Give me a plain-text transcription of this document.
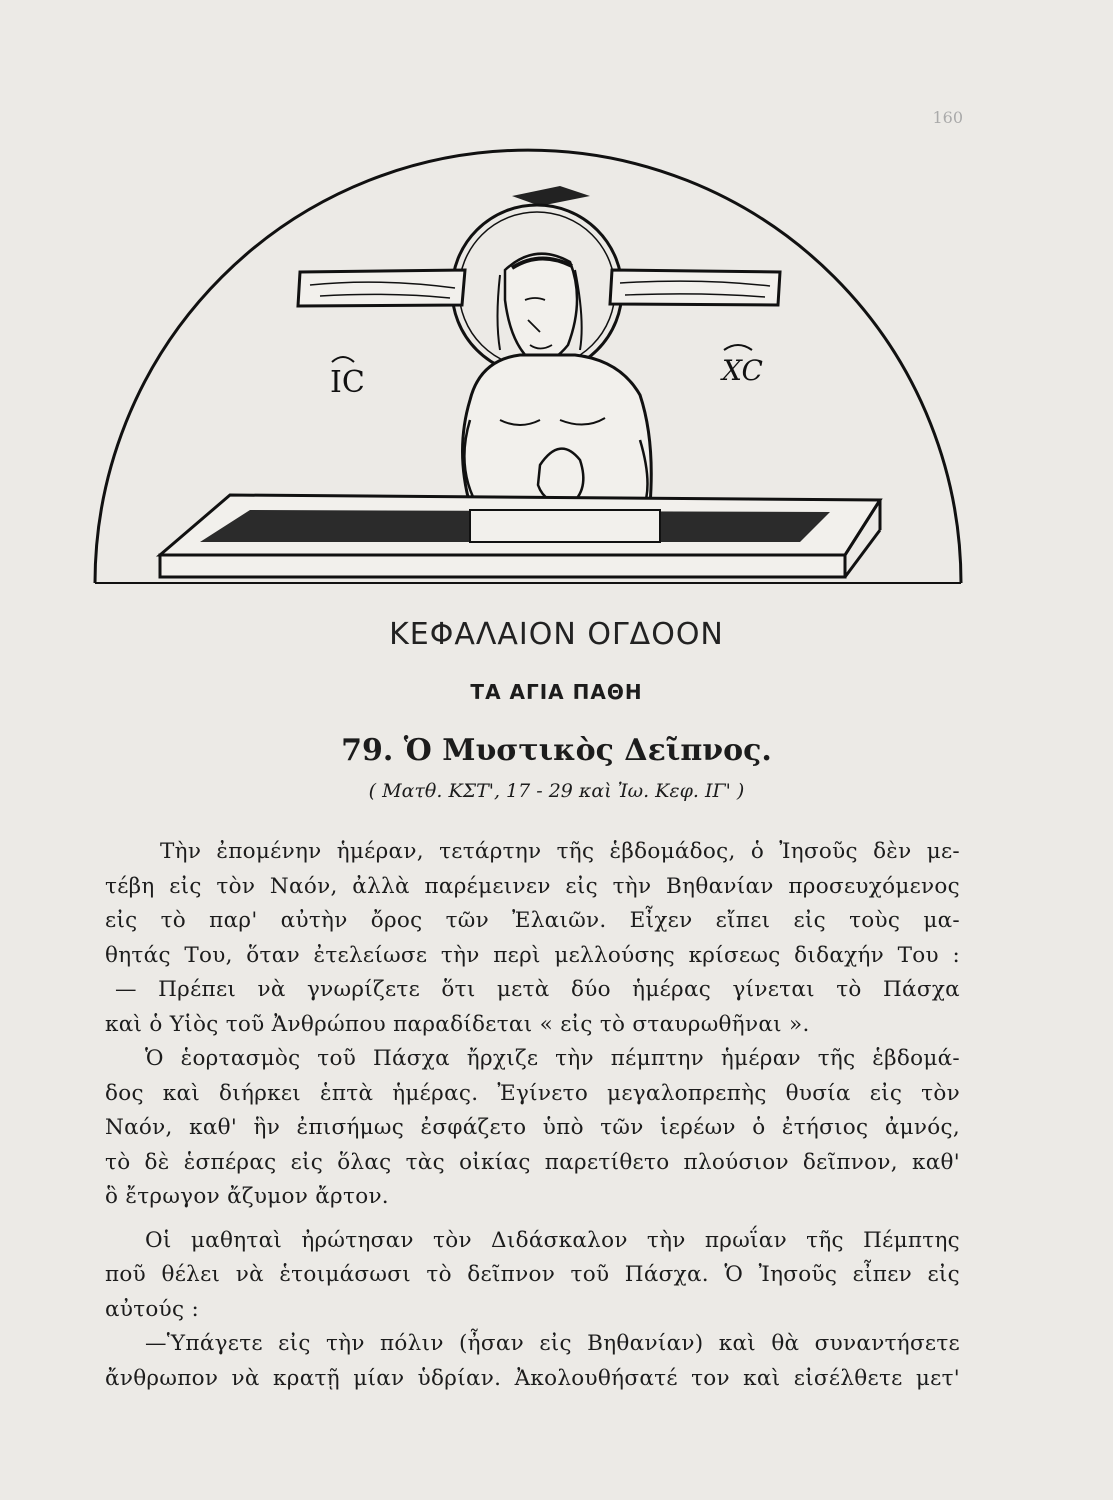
160
IC	XC
ΚΕΦΑΛΑΙΟΝ ΟΓΔΟΟΝ
ΤΑ ΑΓΙΑ ΠΑΘΗ
79. Ὁ Μυστικὸς Δεῖπνος.
( Ματθ. ΚΣΤ', 17 - 29 καὶ Ἰω. Κεφ. ΙΓ' )
Τὴν ἐπομένην ἡμέραν, τετάρτην τῆς ἑβδομάδος, ὁ Ἰησοῦς δὲν με-
τέβη εἰς τὸν Ναόν, ἀλλὰ παρέμεινεν εἰς τὴν Βηθανίαν προσευχόμενος
εἰς τὸ παρ' αὐτὴν ὄρος τῶν Ἐλαιῶν. Εἶχεν εἴπει εἰς τοὺς μα-
θητάς Του, ὅταν ἐτελείωσε τὴν περὶ μελλούσης κρίσεως διδαχήν Του :
— Πρέπει νὰ γνωρίζετε ὅτι μετὰ δύο ἡμέρας γίνεται τὸ Πάσχα
καὶ ὁ Υἱὸς τοῦ Ἀνθρώπου παραδίδεται « εἰς τὸ σταυρωθῆναι ».
Ὁ ἑορτασμὸς τοῦ Πάσχα ἤρχιζε τὴν πέμπτην ἡμέραν τῆς ἑβδομά-
δος καὶ διήρκει ἑπτὰ ἡμέρας. Ἐγίνετο μεγαλοπρεπὴς θυσία εἰς τὸν
Ναόν, καθ' ἣν ἐπισήμως ἐσφάζετο ὑπὸ τῶν ἱερέων ὁ ἐτήσιος ἀμνός,
τὸ δὲ ἑσπέρας εἰς ὅλας τὰς οἰκίας παρετίθετο πλούσιον δεῖπνον, καθ'
ὃ ἔτρωγον ἄζυμον ἄρτον.
Οἱ μαθηταὶ ἠρώτησαν τὸν Διδάσκαλον τὴν πρωΐαν τῆς Πέμπτης
ποῦ θέλει νὰ ἑτοιμάσωσι τὸ δεῖπνον τοῦ Πάσχα. Ὁ Ἰησοῦς εἶπεν εἰς
αὐτούς :
—Ὑπάγετε εἰς τὴν πόλιν (ἦσαν εἰς Βηθανίαν) καὶ θὰ συναντήσετε
ἄνθρωπον νὰ κρατῇ μίαν ὑδρίαν. Ἀκολουθήσατέ τον καὶ εἰσέλθετε μετ'
